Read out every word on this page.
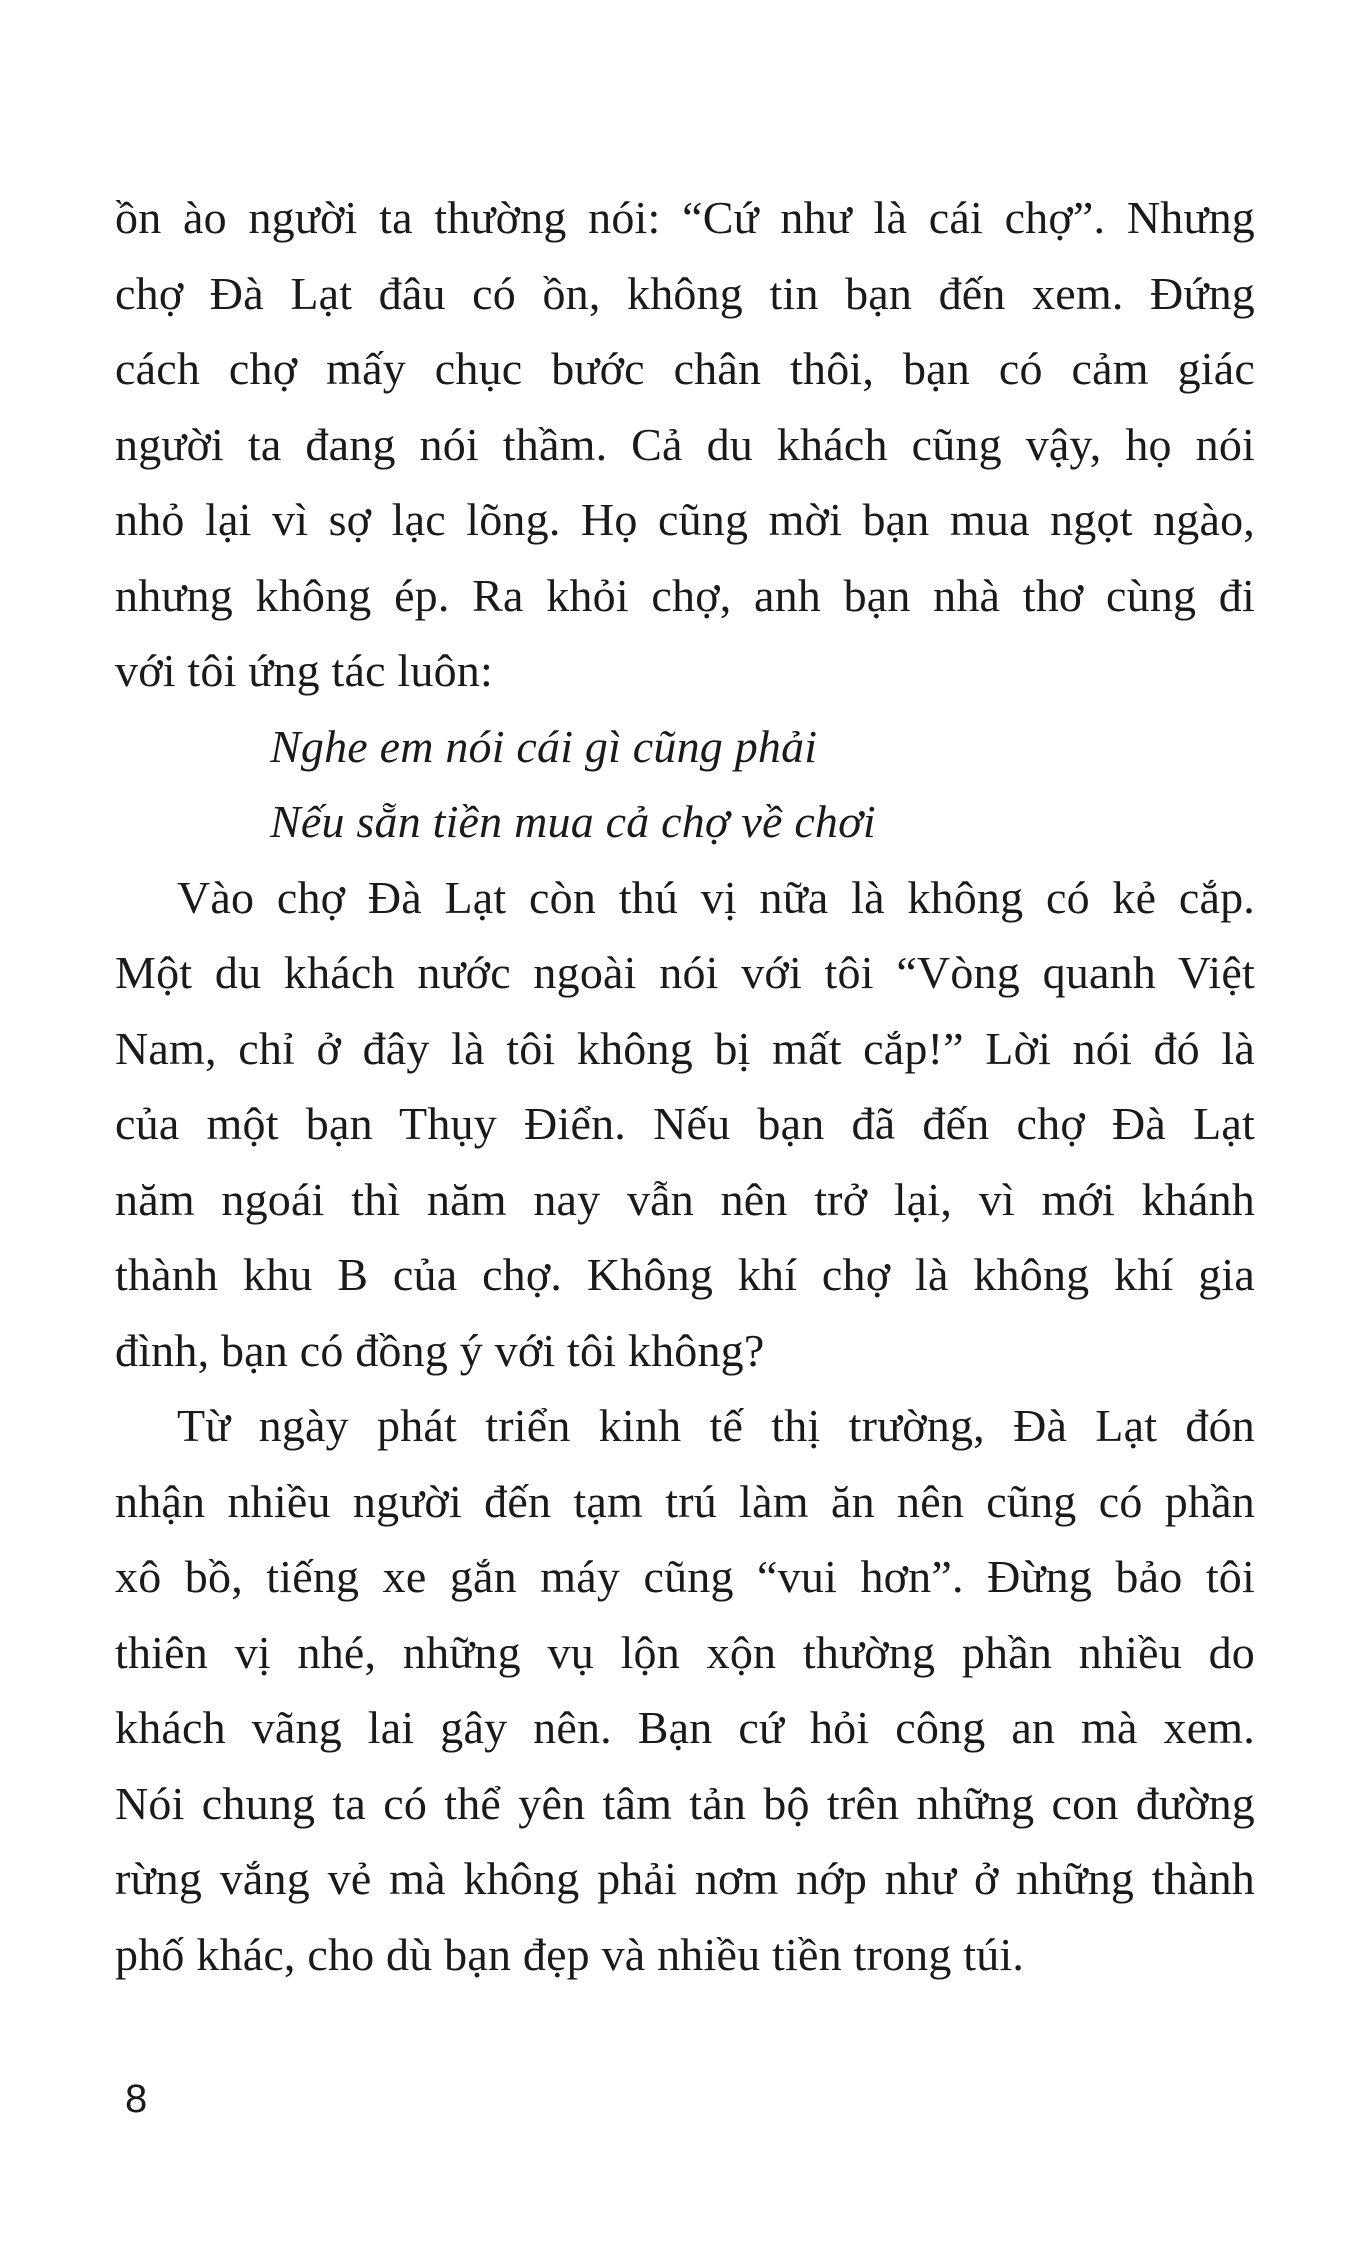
ồn ào người ta thường nói: “Cứ như là cái chợ”. Nhưng
chợ Đà Lạt đâu có ồn, không tin bạn đến xem. Đứng
cách chợ mấy chục bước chân thôi, bạn có cảm giác
người ta đang nói thầm. Cả du khách cũng vậy, họ nói
nhỏ lại vì sợ lạc lõng. Họ cũng mời bạn mua ngọt ngào,
nhưng không ép. Ra khỏi chợ, anh bạn nhà thơ cùng đi
với tôi ứng tác luôn:
Nghe em nói cái gì cũng phải
Nếu sẵn tiền mua cả chợ về chơi
Vào chợ Đà Lạt còn thú vị nữa là không có kẻ cắp.
Một du khách nước ngoài nói với tôi “Vòng quanh Việt
Nam, chỉ ở đây là tôi không bị mất cắp!” Lời nói đó là
của một bạn Thụy Điển. Nếu bạn đã đến chợ Đà Lạt
năm ngoái thì năm nay vẫn nên trở lại, vì mới khánh
thành khu B của chợ. Không khí chợ là không khí gia
đình, bạn có đồng ý với tôi không?
Từ ngày phát triển kinh tế thị trường, Đà Lạt đón
nhận nhiều người đến tạm trú làm ăn nên cũng có phần
xô bồ, tiếng xe gắn máy cũng “vui hơn”. Đừng bảo tôi
thiên vị nhé, những vụ lộn xộn thường phần nhiều do
khách vãng lai gây nên. Bạn cứ hỏi công an mà xem.
Nói chung ta có thể yên tâm tản bộ trên những con đường
rừng vắng vẻ mà không phải nơm nớp như ở những thành
phố khác, cho dù bạn đẹp và nhiều tiền trong túi.
8
